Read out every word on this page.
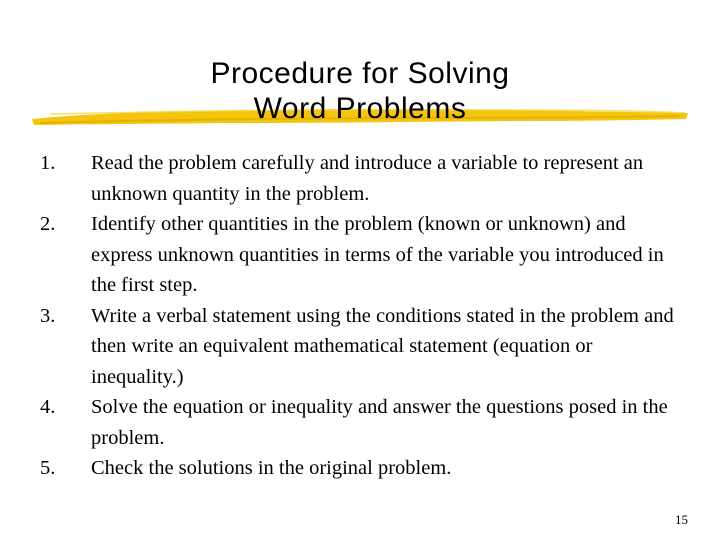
Procedure for Solving
Word Problems
1.	Read the problem carefully and introduce a variable to represent an unknown quantity in the problem.
2.	Identify other quantities in the problem (known or unknown) and express unknown quantities in terms of the variable you introduced in the first step.
3.	Write a verbal statement using the conditions stated in the problem and then write an equivalent mathematical statement (equation or inequality.)
4.	Solve the equation or inequality and answer the questions posed in the problem.
5.	Check the solutions in the original problem.
15
